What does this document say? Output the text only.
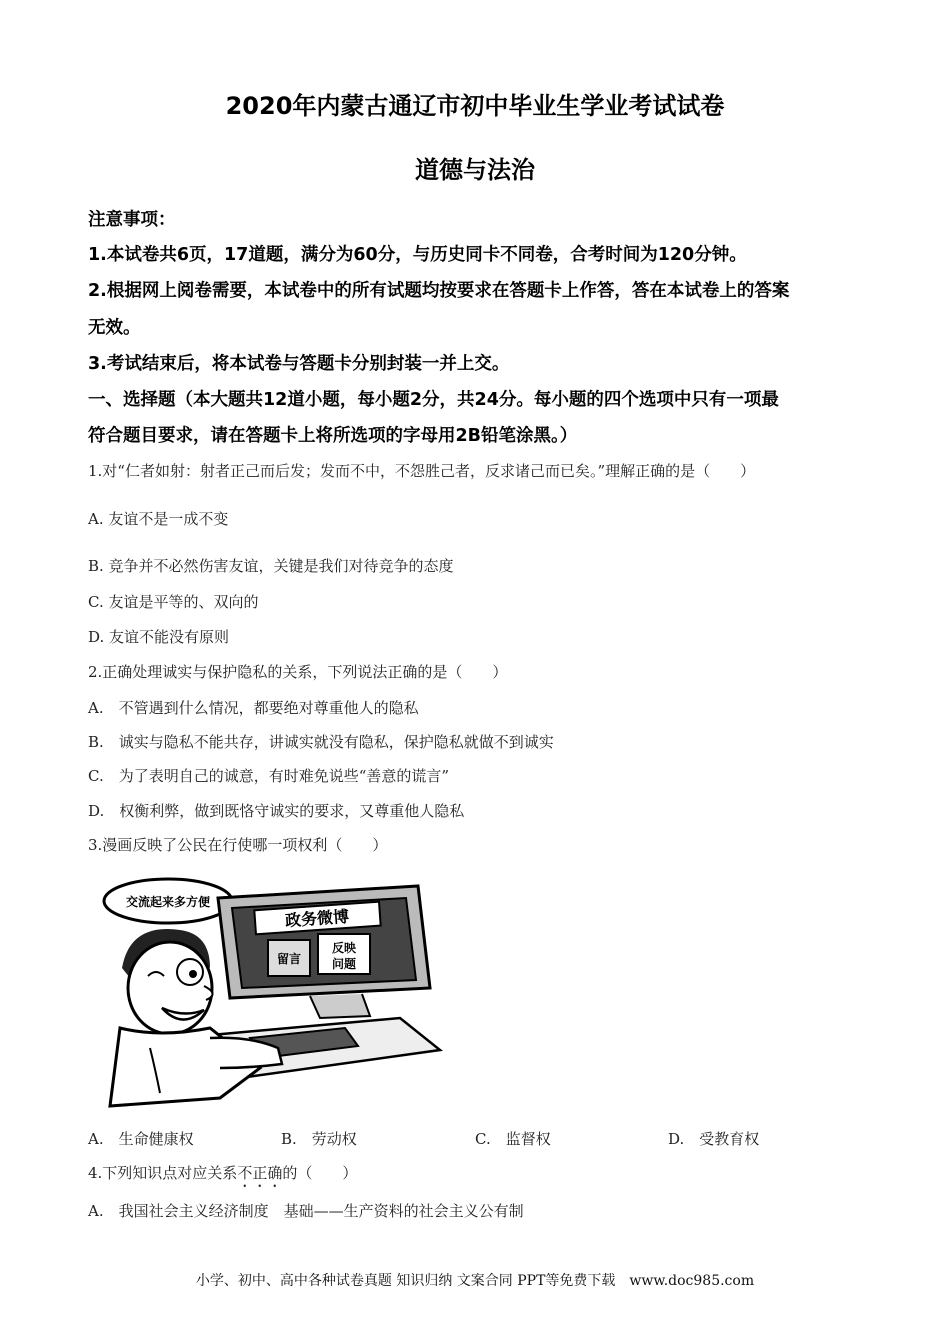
2020年内蒙古通辽市初中毕业生学业考试试卷
道德与法治
注意事项：
1.本试卷共6页，17道题，满分为60分，与历史同卡不同卷，合考时间为120分钟。
2.根据网上阅卷需要，本试卷中的所有试题均按要求在答题卡上作答，答在本试卷上的答案
无效。
3.考试结束后，将本试卷与答题卡分别封装一并上交。
一、选择题（本大题共12道小题，每小题2分，共24分。每小题的四个选项中只有一项最
符合题目要求，请在答题卡上将所选项的字母用2B铅笔涂黑。）
1.对“仁者如射：射者正己而后发；发而不中，不怨胜己者，反求诸己而已矣。”理解正确的是（　　）
A. 友谊不是一成不变
B. 竞争并不必然伤害友谊，关键是我们对待竞争的态度
C. 友谊是平等的、双向的
D. 友谊不能没有原则
2.正确处理诚实与保护隐私的关系，下列说法正确的是（　　）
A.　不管遇到什么情况，都要绝对尊重他人的隐私
B.　诚实与隐私不能共存，讲诚实就没有隐私，保护隐私就做不到诚实
C.　为了表明自己的诚意，有时难免说些“善意的谎言”
D.　权衡利弊，做到既恪守诚实的要求，又尊重他人隐私
3.漫画反映了公民在行使哪一项权利（　　）
交流起来多方便
政务微博
留言
反映
问题
A.　生命健康权	B.　劳动权	C.　监督权	D.　受教育权
4.下列知识点对应关系不正确的（　　）
A.　我国社会主义经济制度　基础——生产资料的社会主义公有制
小学、初中、高中各种试卷真题 知识归纳 文案合同 PPT等免费下载　www.doc985.com
